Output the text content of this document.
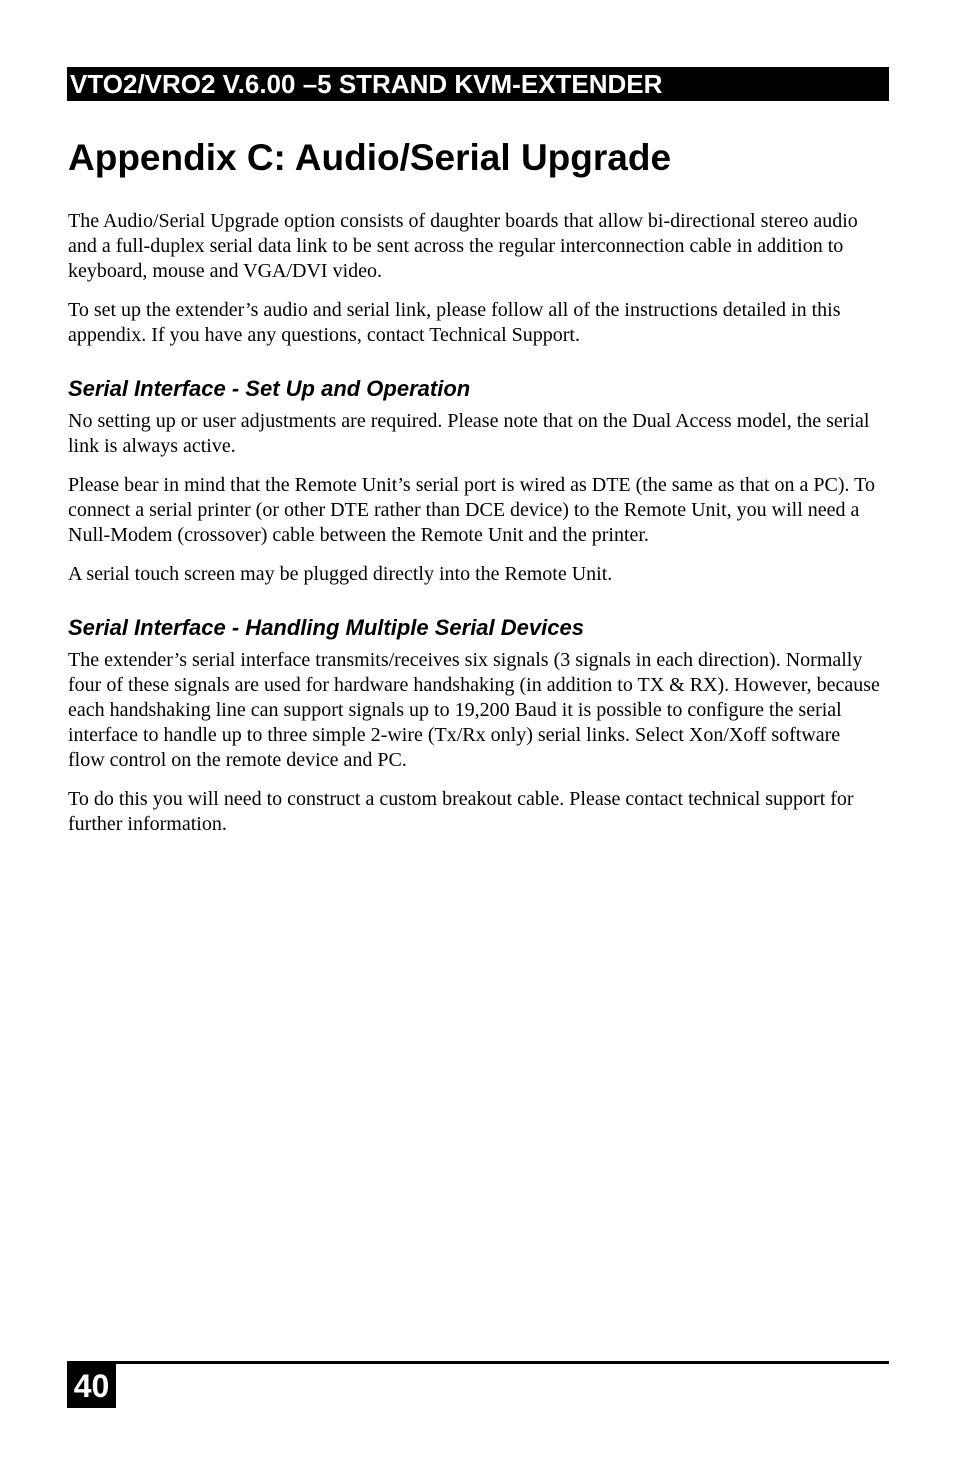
VTO2/VRO2 V.6.00 –5 STRAND KVM-EXTENDER
Appendix C: Audio/Serial Upgrade

The Audio/Serial Upgrade option consists of daughter boards that allow bi-directional stereo audio and a full-duplex serial data link to be sent across the regular interconnection cable in addition to keyboard, mouse and VGA/DVI video.

To set up the extender’s audio and serial link, please follow all of the instructions detailed in this appendix. If you have any questions, contact Technical Support.

Serial Interface - Set Up and Operation

No setting up or user adjustments are required. Please note that on the Dual Access model, the serial link is always active.

Please bear in mind that the Remote Unit’s serial port is wired as DTE (the same as that on a PC). To connect a serial printer (or other DTE rather than DCE device) to the Remote Unit, you will need a Null-Modem (crossover) cable between the Remote Unit and the printer.

A serial touch screen may be plugged directly into the Remote Unit.

Serial Interface - Handling Multiple Serial Devices

The extender’s serial interface transmits/receives six signals (3 signals in each direction). Normally four of these signals are used for hardware handshaking (in addition to TX & RX). However, because each handshaking line can support signals up to 19,200 Baud it is possible to configure the serial interface to handle up to three simple 2-wire (Tx/Rx only) serial links. Select Xon/Xoff software flow control on the remote device and PC.

To do this you will need to construct a custom breakout cable. Please contact technical support for further information.

40
